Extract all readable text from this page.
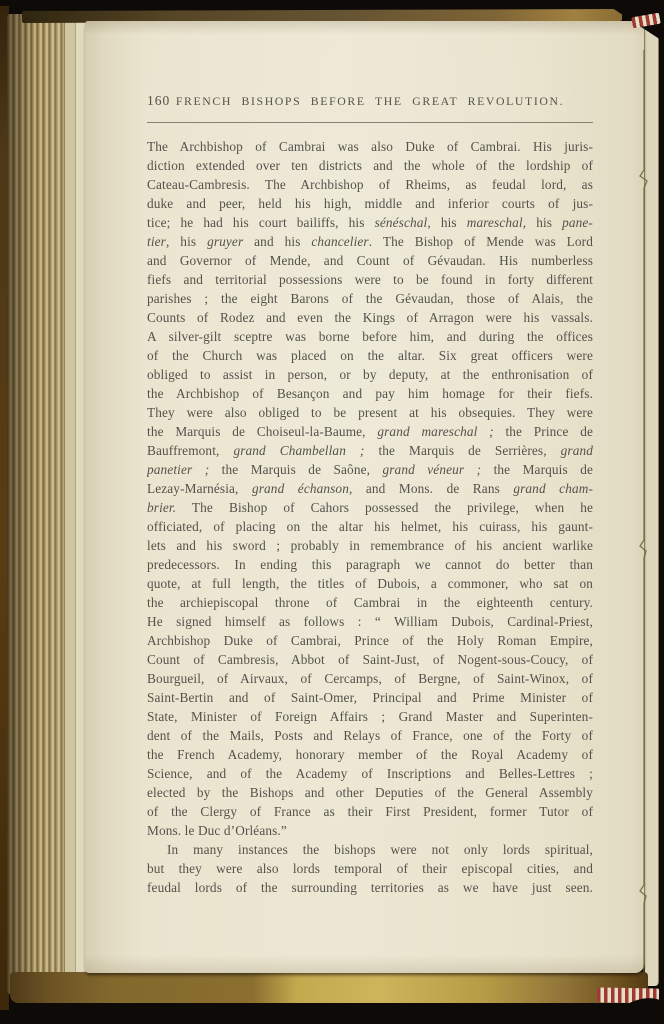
160 FRENCH BISHOPS BEFORE THE GREAT REVOLUTION.
The Archbishop of Cambrai was also Duke of Cambrai. His juris-
diction extended over ten districts and the whole of the lordship of
Cateau-Cambresis. The Archbishop of Rheims, as feudal lord, as
duke and peer, held his high, middle and inferior courts of jus-
tice; he had his court bailiffs, his sénéschal, his mareschal, his pane-
tier, his gruyer and his chancelier. The Bishop of Mende was Lord
and Governor of Mende, and Count of Gévaudan. His numberless
fiefs and territorial possessions were to be found in forty different
parishes ; the eight Barons of the Gévaudan, those of Alais, the
Counts of Rodez and even the Kings of Arragon were his vassals.
A silver-gilt sceptre was borne before him, and during the offices
of the Church was placed on the altar. Six great officers were
obliged to assist in person, or by deputy, at the enthronisation of
the Archbishop of Besançon and pay him homage for their fiefs.
They were also obliged to be present at his obsequies. They were
the Marquis de Choiseul-la-Baume, grand mareschal ; the Prince de
Bauffremont, grand Chambellan ; the Marquis de Serrières, grand
panetier ; the Marquis de Saône, grand véneur ; the Marquis de
Lezay-Marnésia, grand échanson, and Mons. de Rans grand cham-
brier. The Bishop of Cahors possessed the privilege, when he
officiated, of placing on the altar his helmet, his cuirass, his gaunt-
lets and his sword ; probably in remembrance of his ancient warlike
predecessors. In ending this paragraph we cannot do better than
quote, at full length, the titles of Dubois, a commoner, who sat on
the archiepiscopal throne of Cambrai in the eighteenth century.
He signed himself as follows : “ William Dubois, Cardinal-Priest,
Archbishop Duke of Cambrai, Prince of the Holy Roman Empire,
Count of Cambresis, Abbot of Saint-Just, of Nogent-sous-Coucy, of
Bourgueil, of Airvaux, of Cercamps, of Bergne, of Saint-Winox, of
Saint-Bertin and of Saint-Omer, Principal and Prime Minister of
State, Minister of Foreign Affairs ; Grand Master and Superinten-
dent of the Mails, Posts and Relays of France, one of the Forty of
the French Academy, honorary member of the Royal Academy of
Science, and of the Academy of Inscriptions and Belles-Lettres ;
elected by the Bishops and other Deputies of the General Assembly
of the Clergy of France as their First President, former Tutor of
Mons. le Duc d’Orléans.”
In many instances the bishops were not only lords spiritual,
but they were also lords temporal of their episcopal cities, and
feudal lords of the surrounding territories as we have just seen.
